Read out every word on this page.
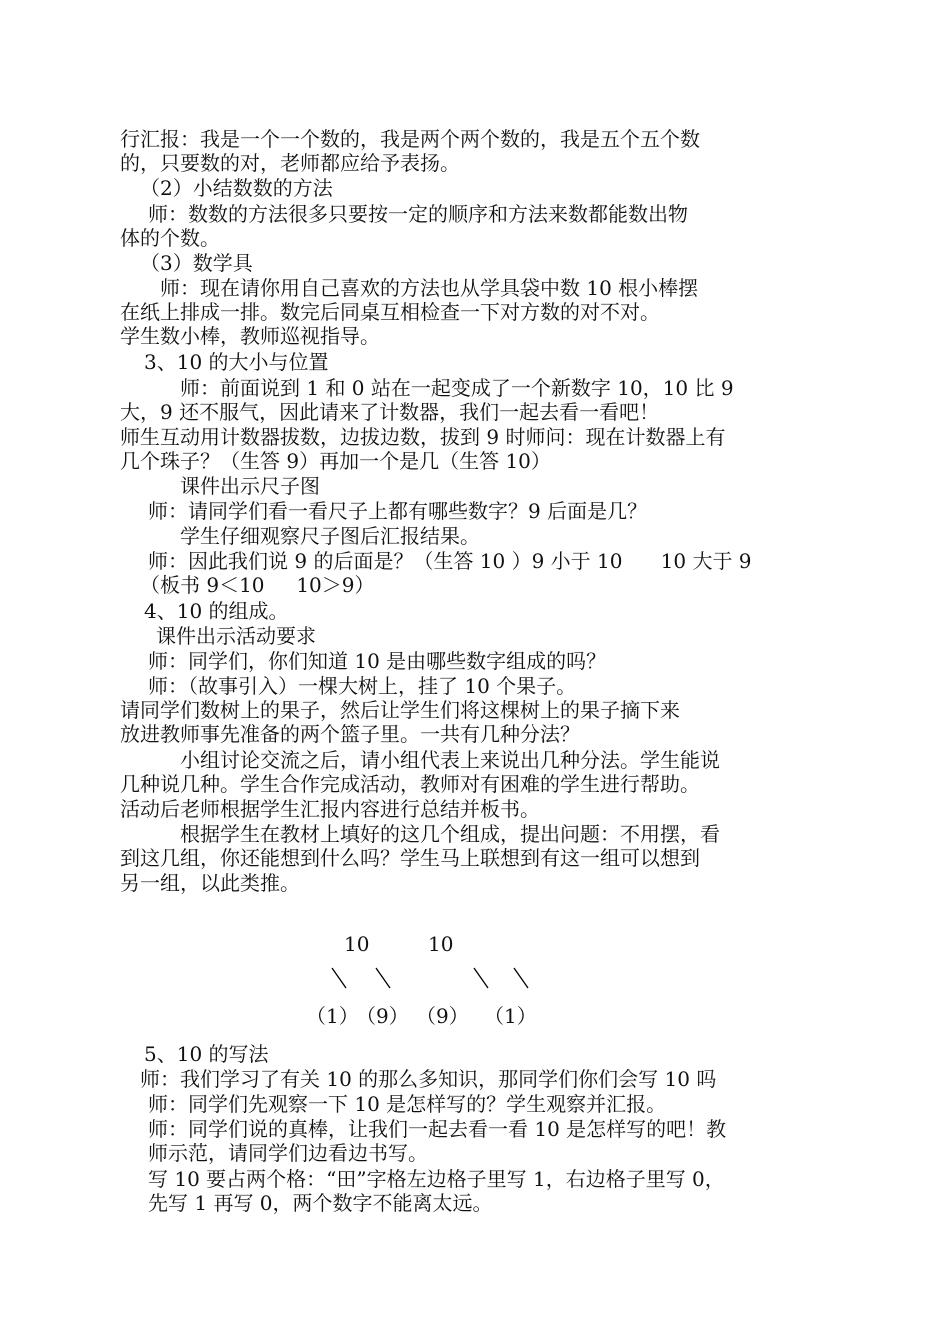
行汇报：我是一个一个数的，我是两个两个数的，我是五个五个数

的，只要数的对，老师都应给予表扬。

（2）小结数数的方法

师：数数的方法很多只要按一定的顺序和方法来数都能数出物

体的个数。

（3）数学具

师：现在请你用自己喜欢的方法也从学具袋中数 10 根小棒摆

在纸上排成一排。数完后同桌互相检查一下对方数的对不对。

学生数小棒，教师巡视指导。

3、10 的大小与位置

师：前面说到 1 和 0 站在一起变成了一个新数字 10，10 比 9

大，9 还不服气，因此请来了计数器，我们一起去看一看吧！

师生互动用计数器拔数，边拔边数，拔到 9 时师问：现在计数器上有

几个珠子？（生答 9）再加一个是几（生答 10）

课件出示尺子图

师：请同学们看一看尺子上都有哪些数字？9 后面是几？

学生仔细观察尺子图后汇报结果。

师：因此我们说 9 的后面是？（生答 10 ）9 小于 10      10 大于 9

（板书 9＜10     10＞9）

4、10 的组成。

课件出示活动要求

师：同学们，你们知道 10 是由哪些数字组成的吗？

师：（故事引入）一棵大树上，挂了 10 个果子。

请同学们数树上的果子，然后让学生们将这棵树上的果子摘下来

放进教师事先准备的两个篮子里。一共有几种分法？

小组讨论交流之后，请小组代表上来说出几种分法。学生能说

几种说几种。学生合作完成活动，教师对有困难的学生进行帮助。

活动后老师根据学生汇报内容进行总结并板书。

根据学生在教材上填好的这几个组成，提出问题：不用摆，看

到这几组，你还能想到什么吗？学生马上联想到有这一组可以想到

另一组，以此类推。

10	10
（1）
（9） （9） （1）

5、10 的写法

师：我们学习了有关 10 的那么多知识，那同学们你们会写 10 吗

师：同学们先观察一下 10 是怎样写的？学生观察并汇报。

师：同学们说的真棒，让我们一起去看一看 10 是怎样写的吧！教

师示范，请同学们边看边书写。

写 10 要占两个格：“田”字格左边格子里写 1，右边格子里写 0，

先写 1 再写 0，两个数字不能离太远。
